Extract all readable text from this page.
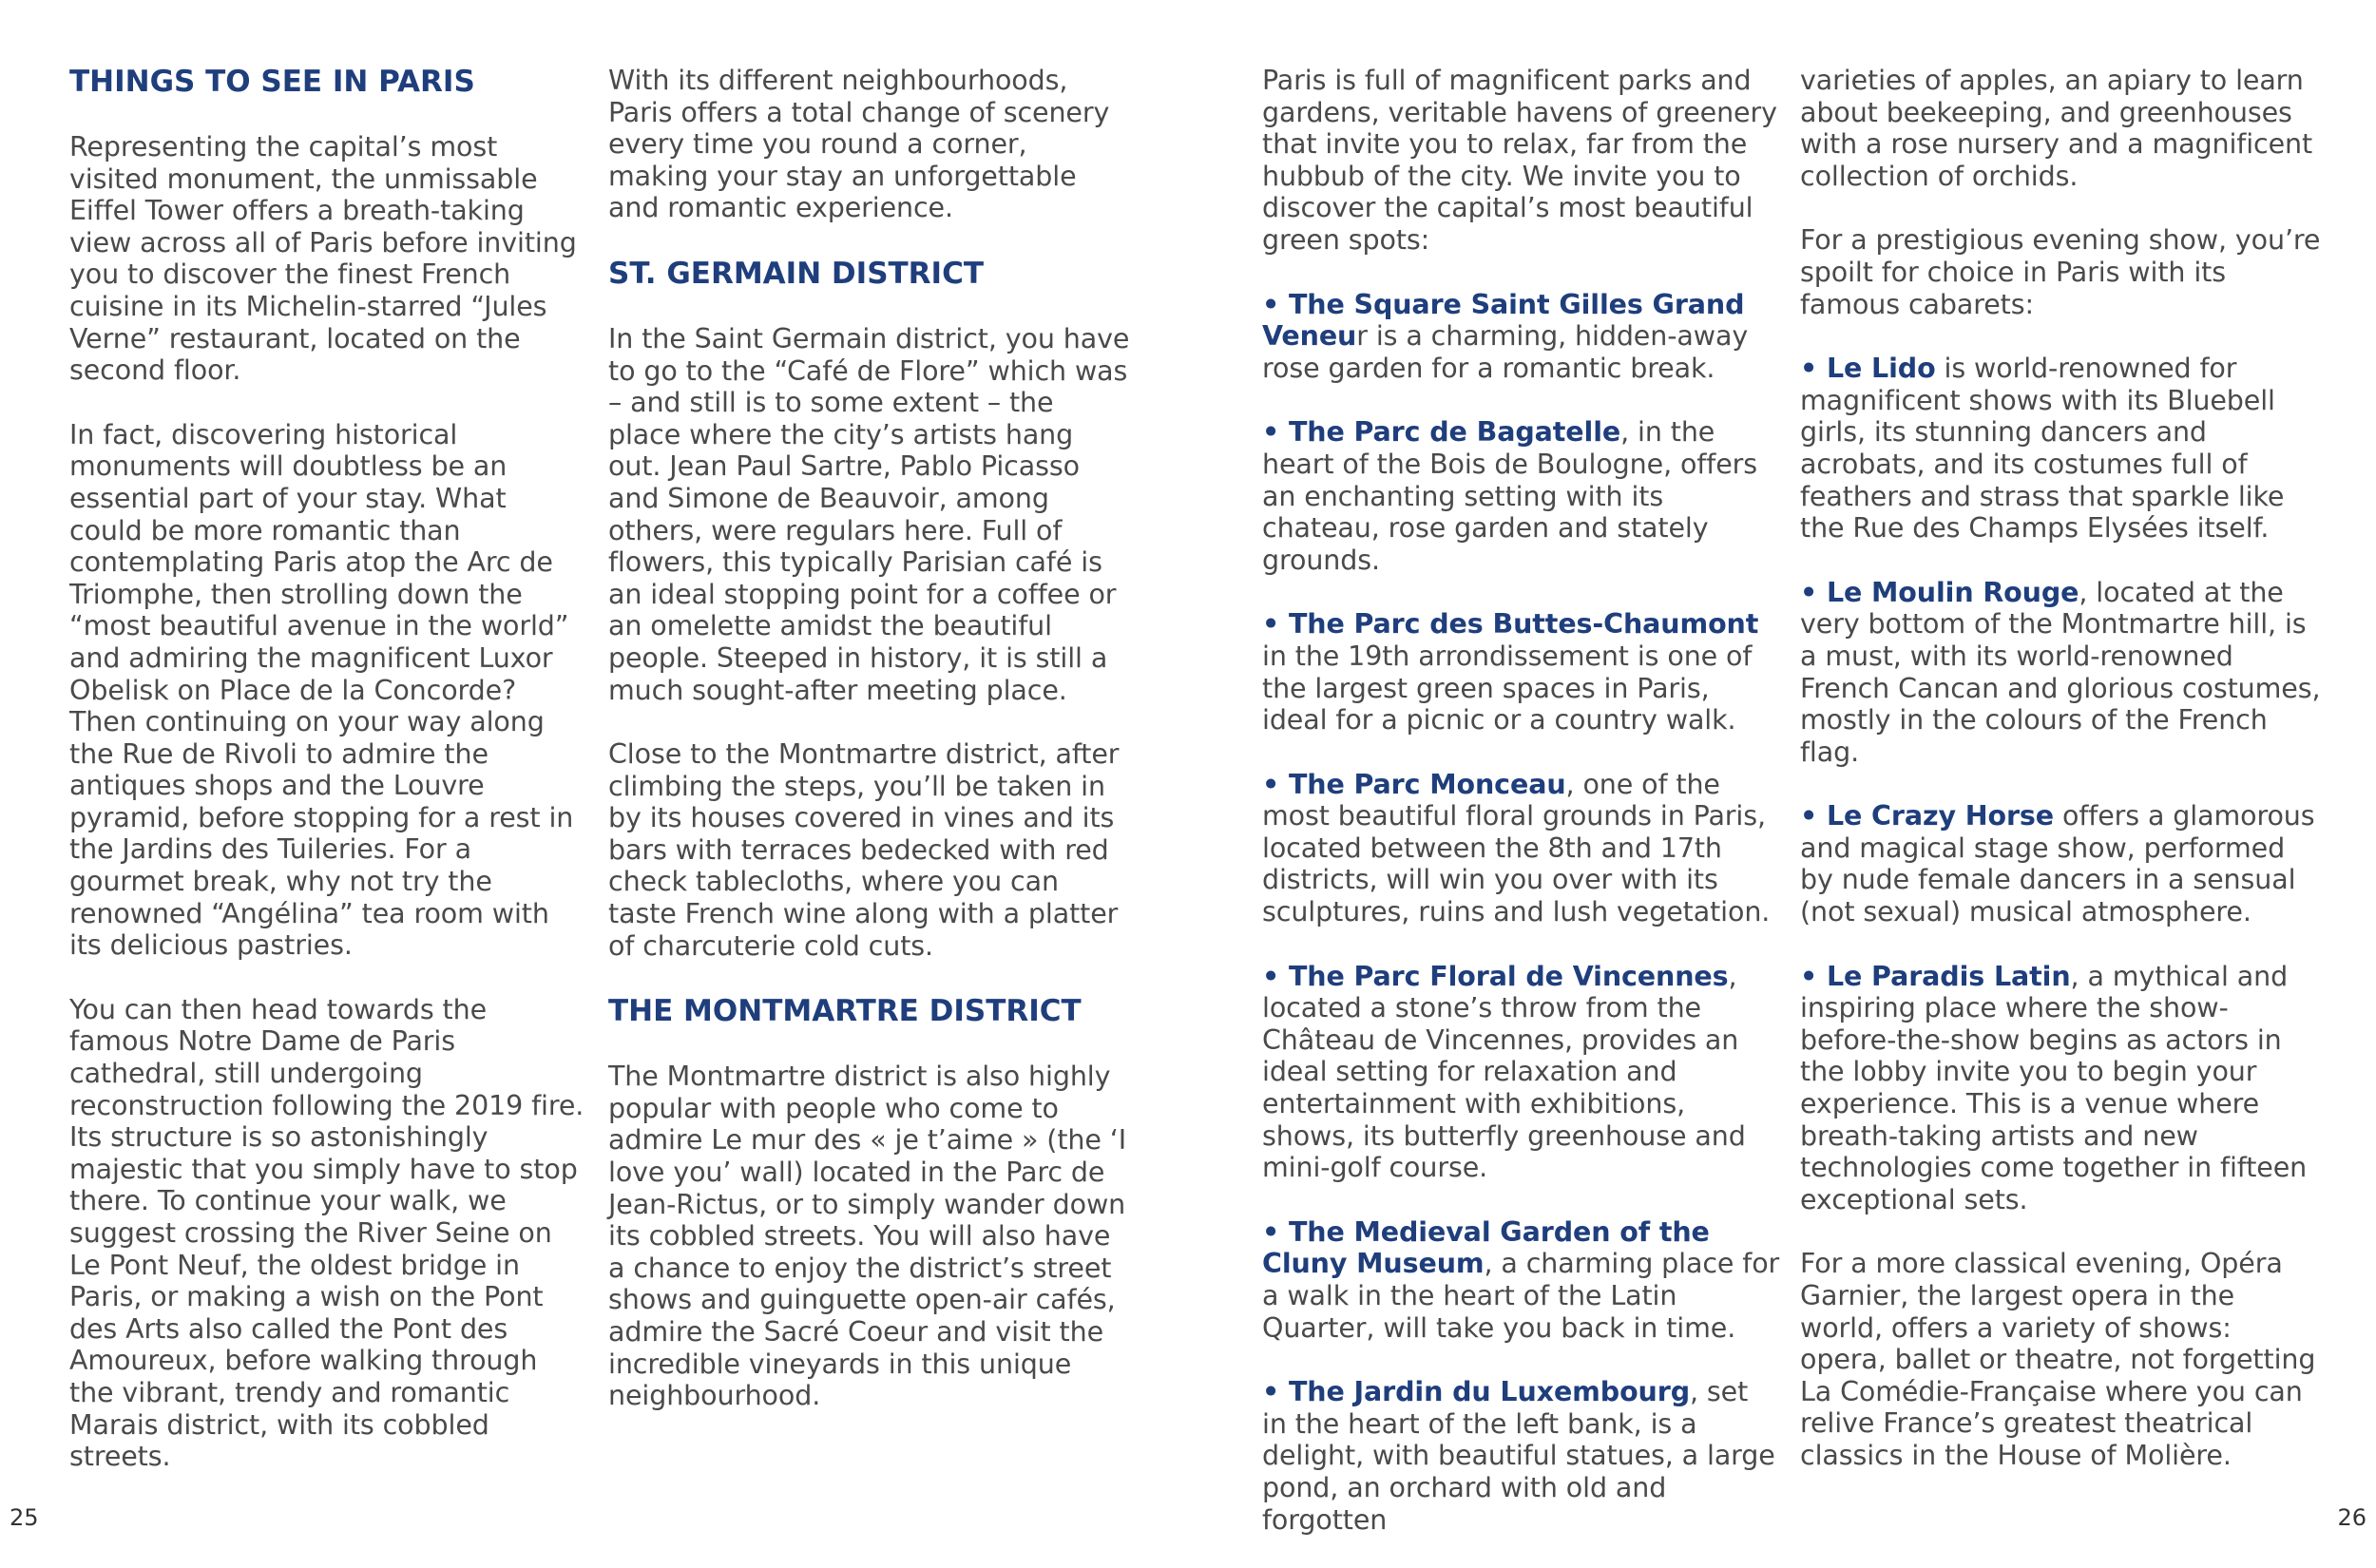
THINGS TO SEE IN PARIS

Representing the capital’s most visited monument, the unmissable Eiffel Tower offers a breath-taking view across all of Paris before inviting you to discover the finest French cuisine in its Michelin-starred “Jules Verne” restaurant, located on the second floor.

In fact, discovering historical monuments will doubtless be an essential part of your stay. What could be more romantic than contemplating Paris atop the Arc de Triomphe, then strolling down the “most beautiful avenue in the world” and admiring the magnificent Luxor Obelisk on Place de la Concorde? Then continuing on your way along the Rue de Rivoli to admire the antiques shops and the Louvre pyramid, before stopping for a rest in the Jardins des Tuileries. For a gourmet break, why not try the renowned “Angélina” tea room with its delicious pastries.

You can then head towards the famous Notre Dame de Paris cathedral, still undergoing reconstruction following the 2019 fire. Its structure is so astonishingly majestic that you simply have to stop there. To continue your walk, we suggest crossing the River Seine on Le Pont Neuf, the oldest bridge in Paris, or making a wish on the Pont des Arts also called the Pont des Amoureux, before walking through the vibrant, trendy and romantic Marais district, with its cobbled streets.

With its different neighbourhoods, Paris offers a total change of scenery every time you round a corner, making your stay an unforgettable and romantic experience.

ST. GERMAIN DISTRICT

In the Saint Germain district, you have to go to the “Café de Flore” which was – and still is to some extent – the place where the city’s artists hang out. Jean Paul Sartre, Pablo Picasso and Simone de Beauvoir, among others, were regulars here. Full of flowers, this typically Parisian café is an ideal stopping point for a coffee or an omelette amidst the beautiful people. Steeped in history, it is still a much sought-after meeting place.

Close to the Montmartre district, after climbing the steps, you’ll be taken in by its houses covered in vines and its bars with terraces bedecked with red check tablecloths, where you can taste French wine along with a platter of charcuterie cold cuts.

THE MONTMARTRE DISTRICT

The Montmartre district is also highly popular with people who come to admire Le mur des « je t’aime » (the ‘I love you’ wall) located in the Parc de Jean-Rictus, or to simply wander down its cobbled streets. You will also have a chance to enjoy the district’s street shows and guinguette open-air cafés, admire the Sacré Coeur and visit the incredible vineyards in this unique neighbourhood.

Paris is full of magnificent parks and gardens, veritable havens of greenery that invite you to relax, far from the hubbub of the city. We invite you to discover the capital’s most beautiful green spots:

• The Square Saint Gilles Grand Veneur is a charming, hidden-away rose garden for a romantic break.

• The Parc de Bagatelle, in the heart of the Bois de Boulogne, offers an enchanting setting with its chateau, rose garden and stately grounds.

• The Parc des Buttes-Chaumont in the 19th arrondissement is one of the largest green spaces in Paris, ideal for a picnic or a country walk.

• The Parc Monceau, one of the most beautiful floral grounds in Paris, located between the 8th and 17th districts, will win you over with its sculptures, ruins and lush vegetation.

• The Parc Floral de Vincennes, located a stone’s throw from the Château de Vincennes, provides an ideal setting for relaxation and entertainment with exhibitions, shows, its butterfly greenhouse and mini-golf course.

• The Medieval Garden of the Cluny Museum, a charming place for a walk in the heart of the Latin Quarter, will take you back in time.

• The Jardin du Luxembourg, set in the heart of the left bank, is a delight, with beautiful statues, a large pond, an orchard with old and forgotten

varieties of apples, an apiary to learn about beekeeping, and greenhouses with a rose nursery and a magnificent collection of orchids.

For a prestigious evening show, you’re spoilt for choice in Paris with its famous cabarets:

• Le Lido is world-renowned for magnificent shows with its Bluebell girls, its stunning dancers and acrobats, and its costumes full of feathers and strass that sparkle like the Rue des Champs Elysées itself.

• Le Moulin Rouge, located at the very bottom of the Montmartre hill, is a must, with its world-renowned French Cancan and glorious costumes, mostly in the colours of the French flag.

• Le Crazy Horse offers a glamorous and magical stage show, performed by nude female dancers in a sensual (not sexual) musical atmosphere.

• Le Paradis Latin, a mythical and inspiring place where the show-before-the-show begins as actors in the lobby invite you to begin your experience. This is a venue where breath-taking artists and new technologies come together in fifteen exceptional sets.

For a more classical evening, Opéra Garnier, the largest opera in the world, offers a variety of shows: opera, ballet or theatre, not forgetting La Comédie-Française where you can relive France’s greatest theatrical classics in the House of Molière.

25	26
